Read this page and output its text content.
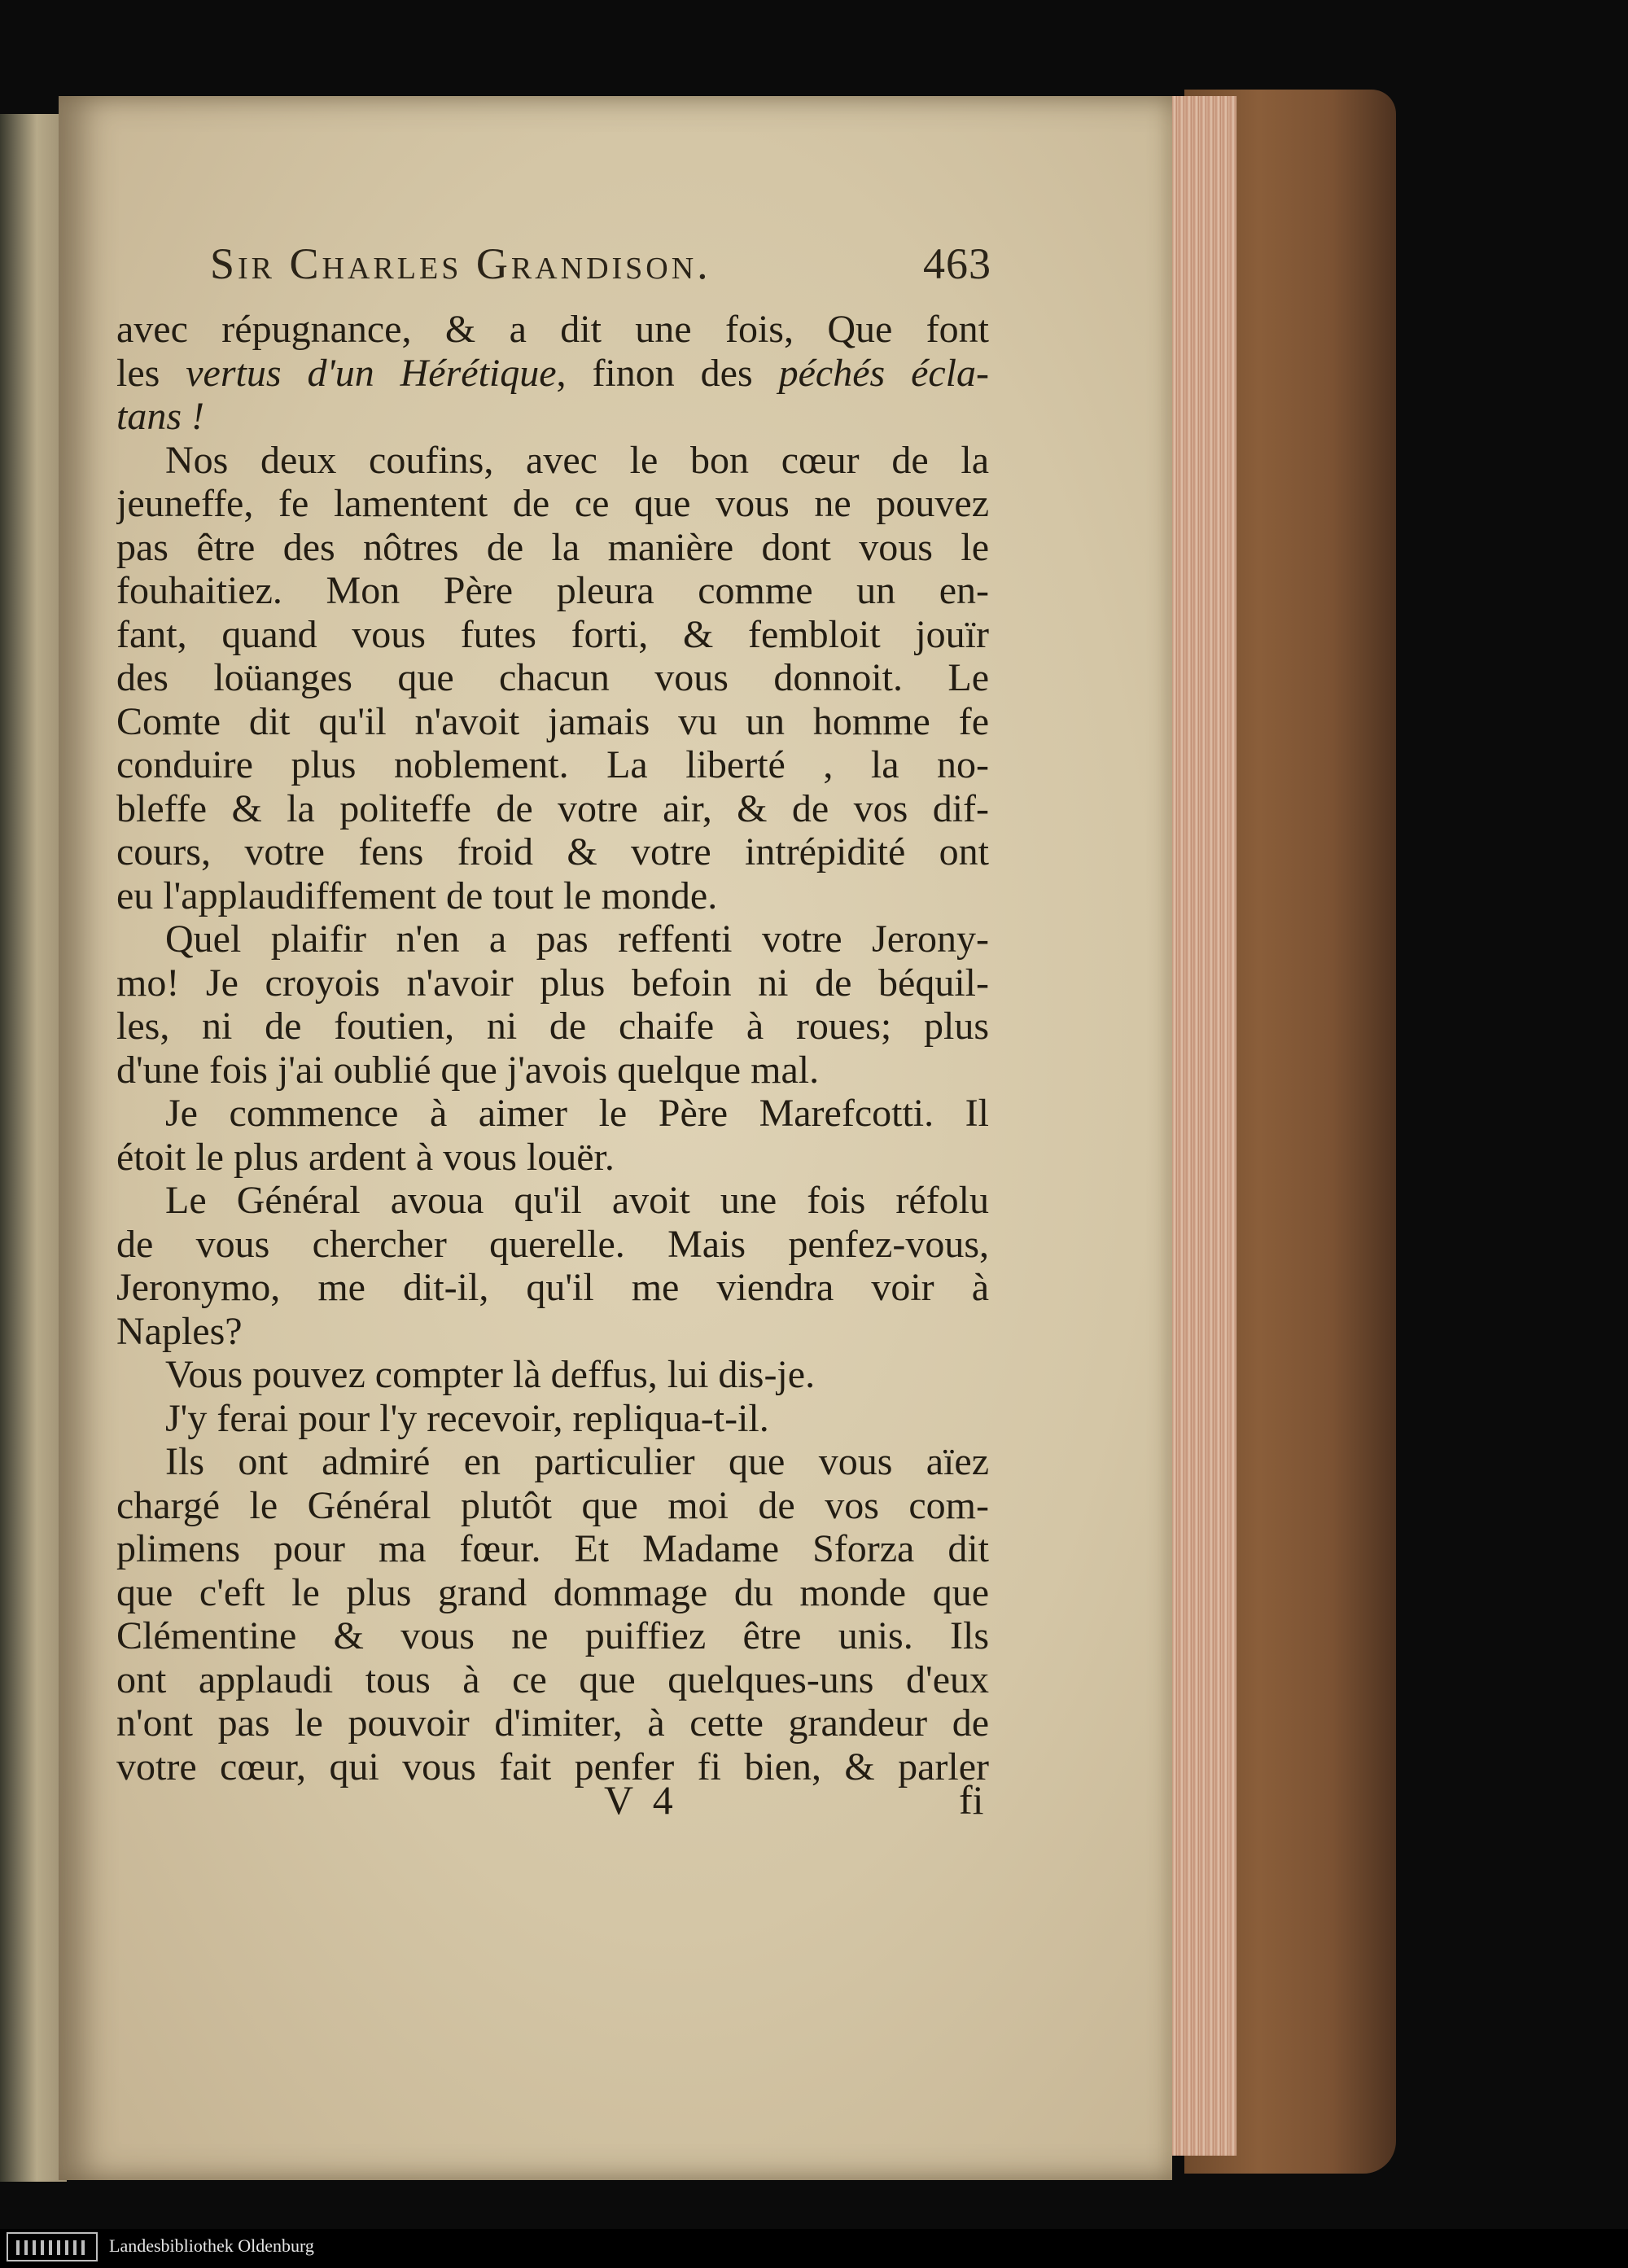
Sir Charles Grandison.	463
avec répugnance, & a dit une fois, Que font
les vertus d'un Hérétique, finon des péchés écla-
tans !
Nos deux coufins, avec le bon cœur de la
jeuneffe, fe lamentent de ce que vous ne pouvez
pas être des nôtres de la manière dont vous le
fouhaitiez. Mon Père pleura comme un en-
fant, quand vous futes forti, & fembloit jouïr
des loüanges que chacun vous donnoit. Le
Comte dit qu'il n'avoit jamais vu un homme fe
conduire plus noblement. La liberté , la no-
bleffe & la politeffe de votre air, & de vos dif-
cours, votre fens froid & votre intrépidité ont
eu l'applaudiffement de tout le monde.
Quel plaifir n'en a pas reffenti votre Jerony-
mo! Je croyois n'avoir plus befoin ni de béquil-
les, ni de foutien, ni de chaife à roues; plus
d'une fois j'ai oublié que j'avois quelque mal.
Je commence à aimer le Père Marefcotti. Il
étoit le plus ardent à vous louër.
Le Général avoua qu'il avoit une fois réfolu
de vous chercher querelle. Mais penfez-vous,
Jeronymo, me dit-il, qu'il me viendra voir à
Naples?
Vous pouvez compter là deffus, lui dis-je.
J'y ferai pour l'y recevoir, repliqua-t-il.
Ils ont admiré en particulier que vous aïez
chargé le Général plutôt que moi de vos com-
plimens pour ma fœur. Et Madame Sforza dit
que c'eft le plus grand dommage du monde que
Clémentine & vous ne puiffiez être unis. Ils
ont applaudi tous à ce que quelques-uns d'eux
n'ont pas le pouvoir d'imiter, à cette grandeur de
votre cœur, qui vous fait penfer fi bien, & parler
V 4	fi
Landesbibliothek Oldenburg
